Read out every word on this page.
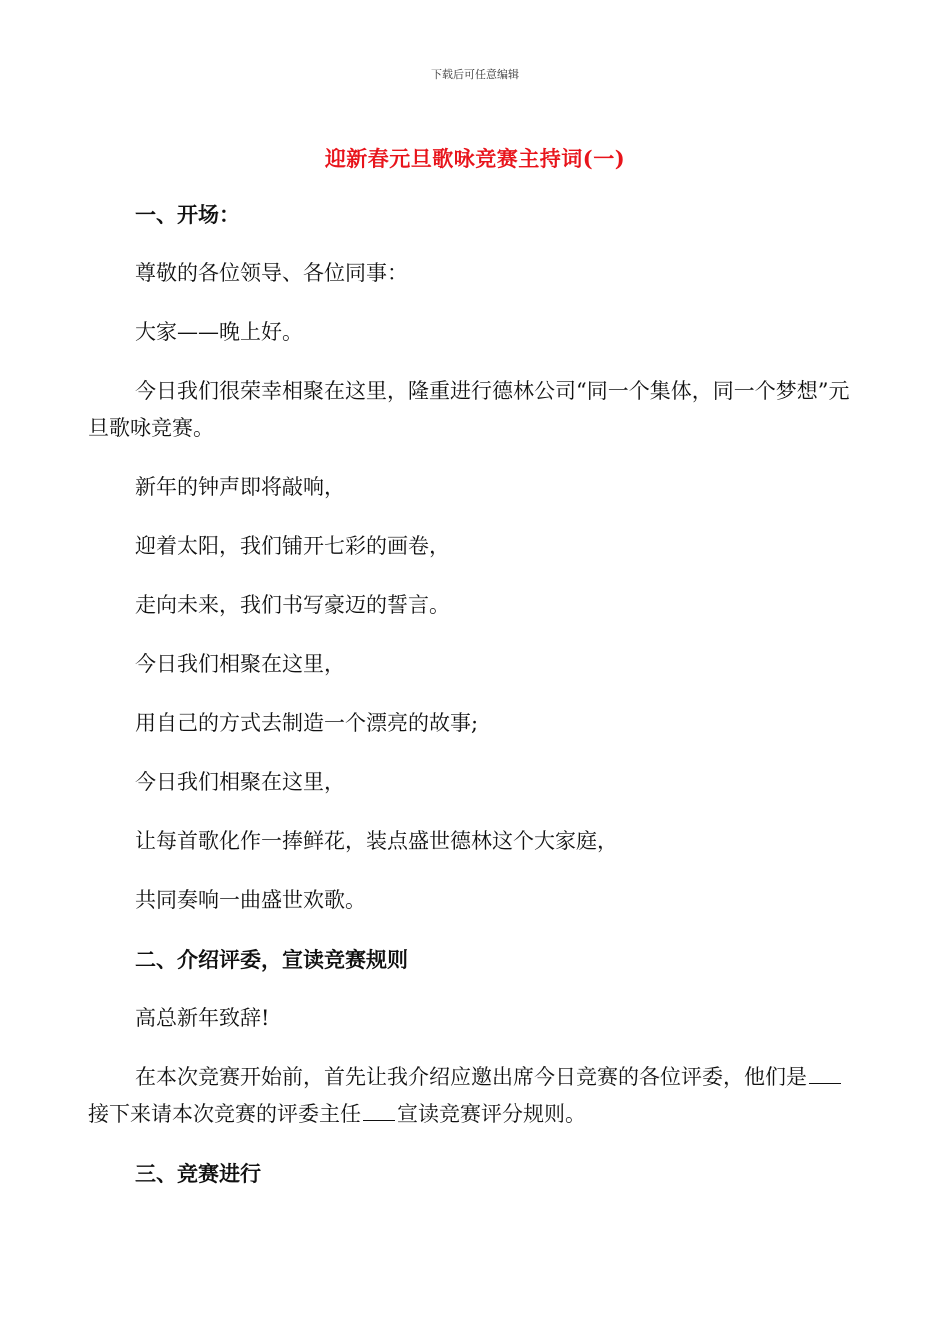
下载后可任意编辑
迎新春元旦歌咏竞赛主持词(一)

一、开场：

尊敬的各位领导、各位同事：

大家——晚上好。

今日我们很荣幸相聚在这里，隆重进行德林公司“同一个集体，同一个梦想”元旦歌咏竞赛。

新年的钟声即将敲响，

迎着太阳，我们铺开七彩的画卷，

走向未来，我们书写豪迈的誓言。

今日我们相聚在这里，

用自己的方式去制造一个漂亮的故事;

今日我们相聚在这里，

让每首歌化作一捧鲜花，装点盛世德林这个大家庭，

共同奏响一曲盛世欢歌。

二、介绍评委，宣读竞赛规则

高总新年致辞!

在本次竞赛开始前，首先让我介绍应邀出席今日竞赛的各位评委，他们是接下来请本次竞赛的评委主任 宣读竞赛评分规则。

三、竞赛进行
